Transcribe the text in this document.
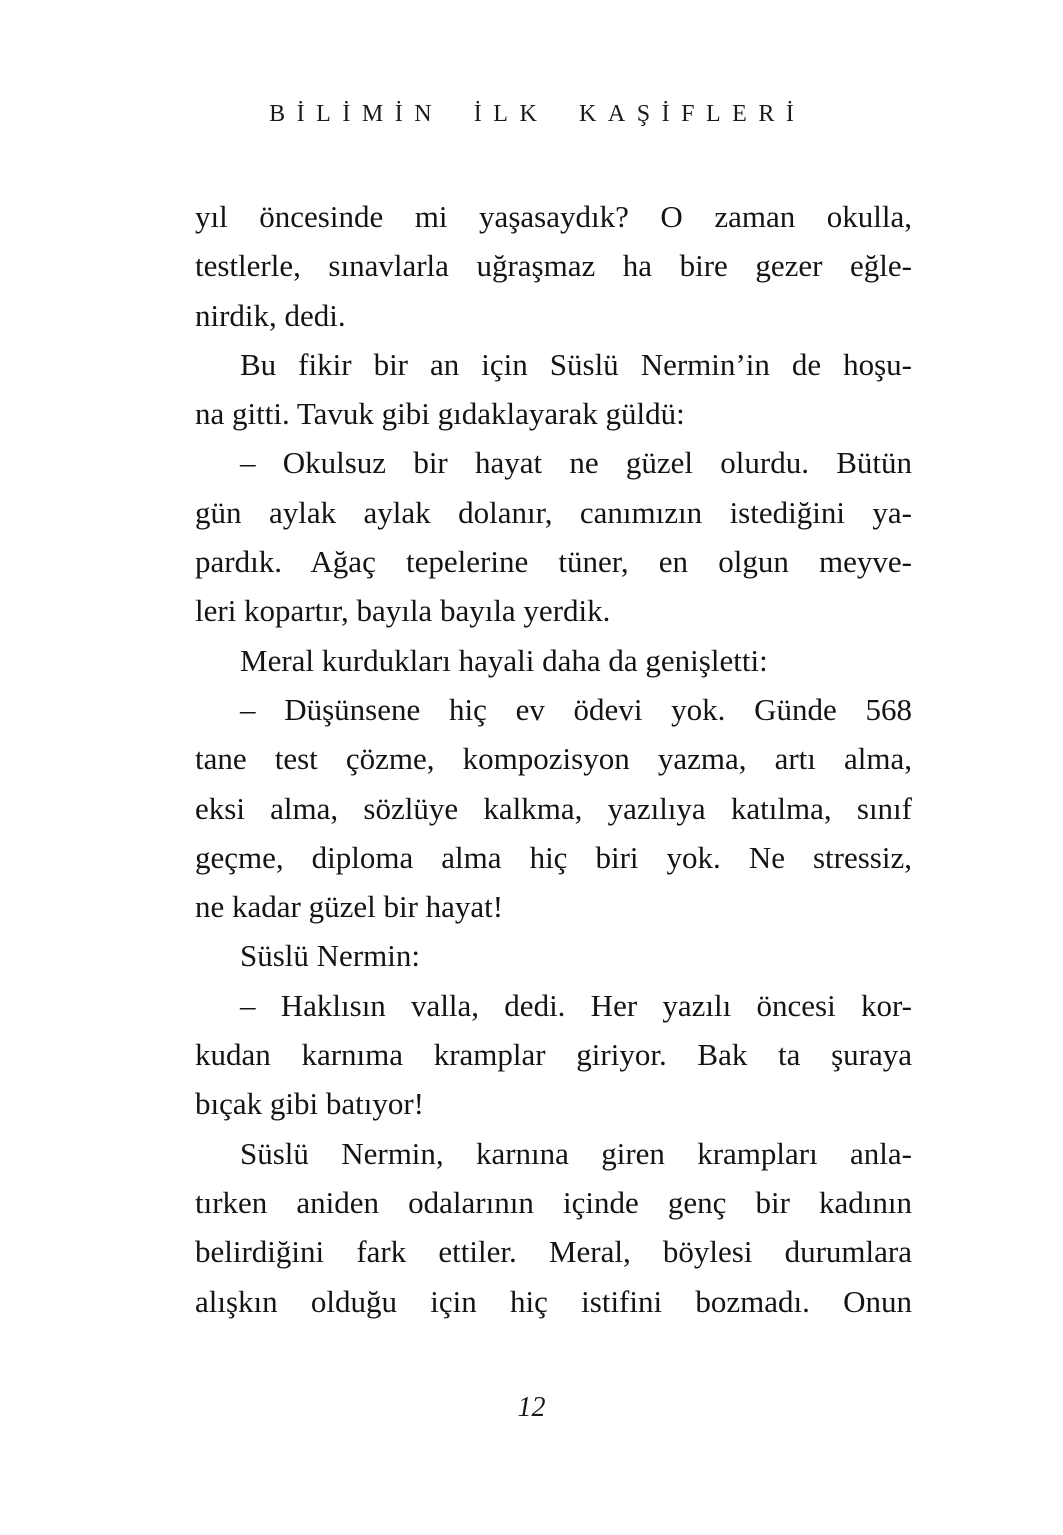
BİLİMİN İLK KAŞİFLERİ
yıl öncesinde mi yaşasaydık? O zaman okulla,
testlerle, sınavlarla uğraşmaz ha bire gezer eğle-
nirdik, dedi.
Bu fikir bir an için Süslü Nermin’in de hoşu-
na gitti. Tavuk gibi gıdaklayarak güldü:
– Okulsuz bir hayat ne güzel olurdu. Bütün
gün aylak aylak dolanır, canımızın istediğini ya-
pardık. Ağaç tepelerine tüner, en olgun meyve-
leri kopartır, bayıla bayıla yerdik.
Meral kurdukları hayali daha da genişletti:
– Düşünsene hiç ev ödevi yok. Günde 568
tane test çözme, kompozisyon yazma, artı alma,
eksi alma, sözlüye kalkma, yazılıya katılma, sınıf
geçme, diploma alma hiç biri yok. Ne stressiz,
ne kadar güzel bir hayat!
Süslü Nermin:
– Haklısın valla, dedi. Her yazılı öncesi kor-
kudan karnıma kramplar giriyor. Bak ta şuraya
bıçak gibi batıyor!
Süslü Nermin, karnına giren krampları anla-
tırken aniden odalarının içinde genç bir kadının
belirdiğini fark ettiler. Meral, böylesi durumlara
alışkın olduğu için hiç istifini bozmadı. Onun
12
